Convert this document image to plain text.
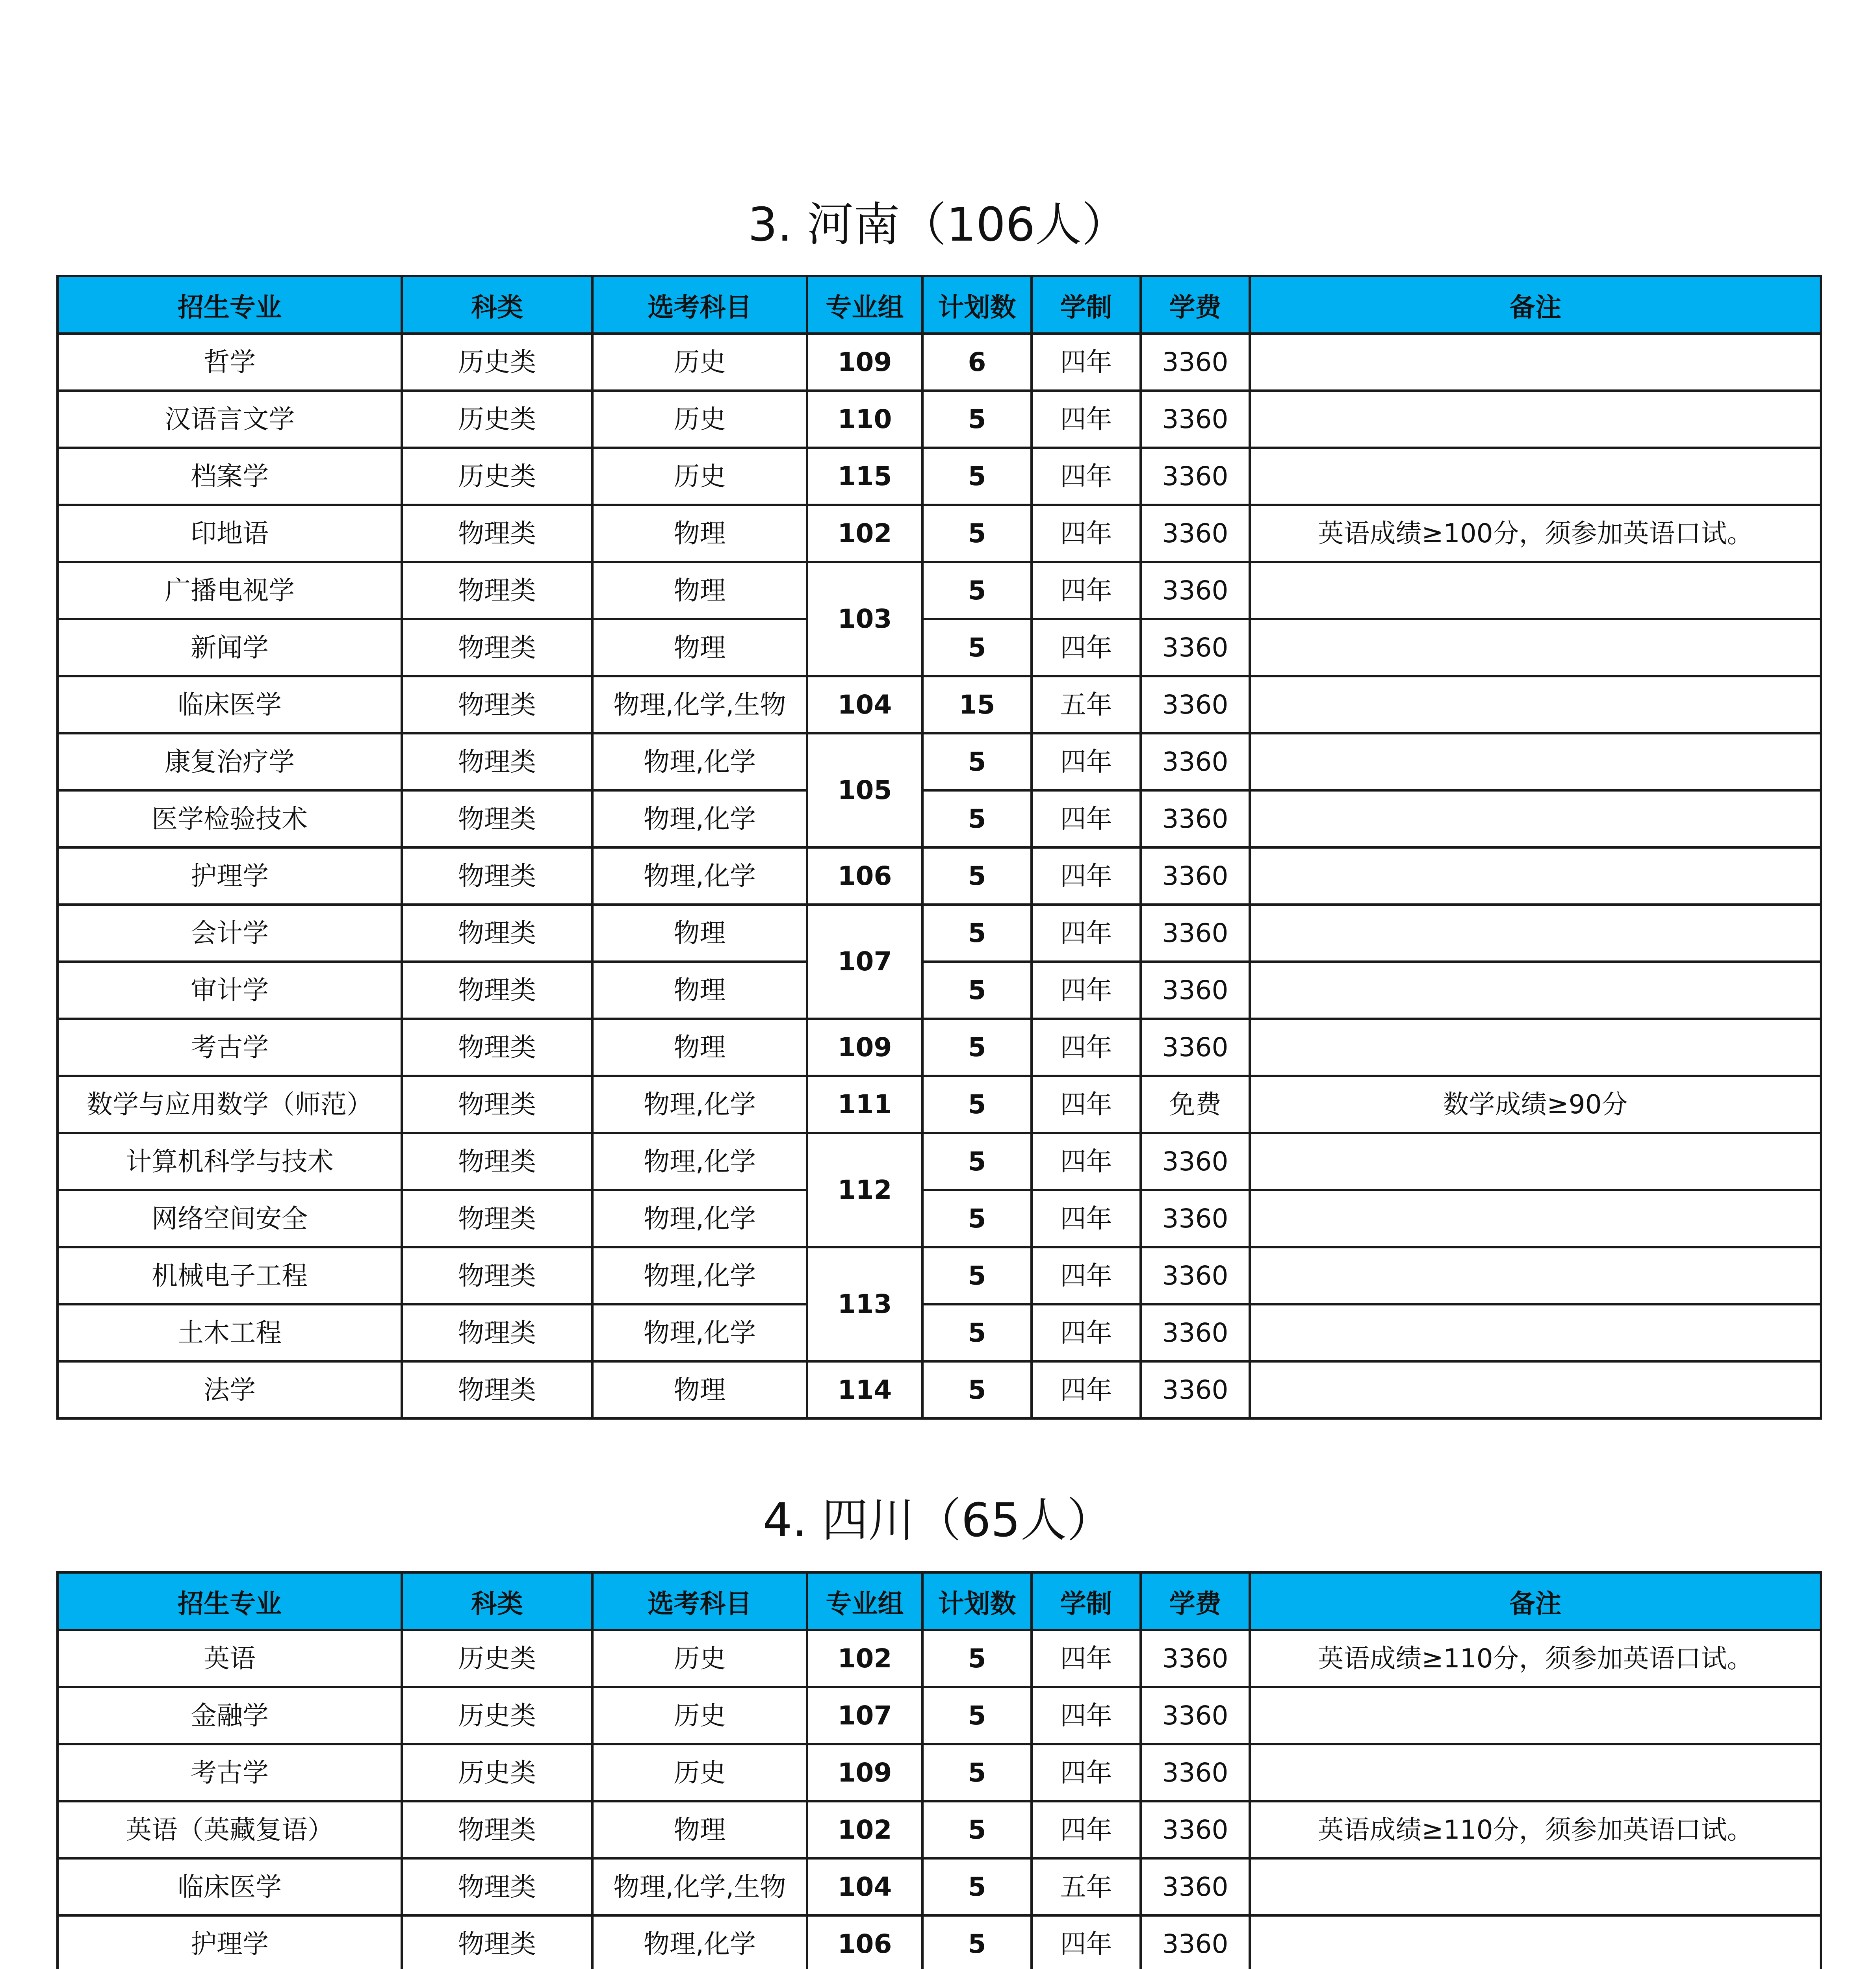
3. 河南（106人）
招生专业	科类	选考科目	专业组	计划数	学制	学费	备注
哲学	历史类	历史	109	6	四年	3360	
汉语言文学	历史类	历史	110	5	四年	3360	
档案学	历史类	历史	115	5	四年	3360	
印地语	物理类	物理	102	5	四年	3360	英语成绩≥100分，须参加英语口试。
广播电视学	物理类	物理	103	5	四年	3360	
新闻学	物理类	物理		5	四年	3360	
临床医学	物理类	物理,化学,生物	104	15	五年	3360	
康复治疗学	物理类	物理,化学	105	5	四年	3360	
医学检验技术	物理类	物理,化学		5	四年	3360	
护理学	物理类	物理,化学	106	5	四年	3360	
会计学	物理类	物理	107	5	四年	3360	
审计学	物理类	物理		5	四年	3360	
考古学	物理类	物理	109	5	四年	3360	
数学与应用数学（师范）	物理类	物理,化学	111	5	四年	免费	数学成绩≥90分
计算机科学与技术	物理类	物理,化学	112	5	四年	3360	
网络空间安全	物理类	物理,化学		5	四年	3360	
机械电子工程	物理类	物理,化学	113	5	四年	3360	
土木工程	物理类	物理,化学		5	四年	3360	
法学	物理类	物理	114	5	四年	3360	
4. 四川（65人）
招生专业	科类	选考科目	专业组	计划数	学制	学费	备注
英语	历史类	历史	102	5	四年	3360	英语成绩≥110分，须参加英语口试。
金融学	历史类	历史	107	5	四年	3360	
考古学	历史类	历史	109	5	四年	3360	
英语（英藏复语）	物理类	物理	102	5	四年	3360	英语成绩≥110分，须参加英语口试。
临床医学	物理类	物理,化学,生物	104	5	五年	3360	
护理学	物理类	物理,化学	106	5	四年	3360	
